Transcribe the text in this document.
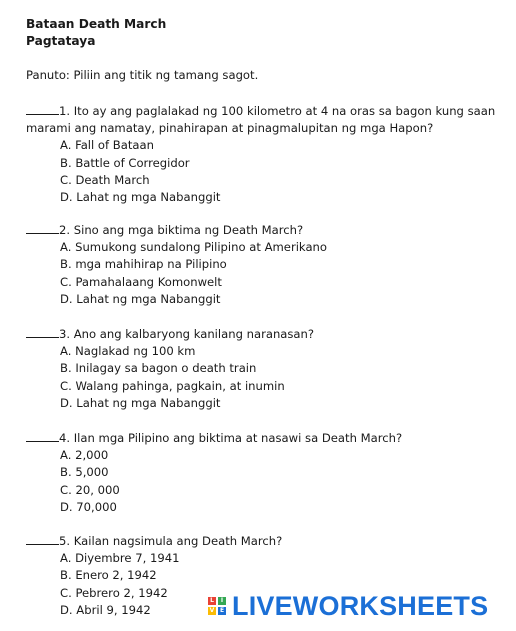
Bataan Death March
Pagtataya
Panuto: Piliin ang titik ng tamang sagot.
1. Ito ay ang paglalakad ng 100 kilometro at 4 na oras sa bagon kung saan marami ang namatay, pinahirapan at pinagmalupitan ng mga Hapon?
A. Fall of Bataan
B. Battle of Corregidor
C. Death March
D. Lahat ng mga Nabanggit
2. Sino ang mga biktima ng Death March?
A. Sumukong sundalong Pilipino at Amerikano
B. mga mahihirap na Pilipino
C. Pamahalaang Komonwelt
D. Lahat ng mga Nabanggit
3. Ano ang kalbaryong kanilang naranasan?
A. Naglakad ng 100 km
B. Inilagay sa bagon o death train
C. Walang pahinga, pagkain, at inumin
D. Lahat ng mga Nabanggit
4. Ilan mga Pilipino ang biktima at nasawi sa Death March?
A. 2,000
B. 5,000
C. 20, 000
D. 70,000
5. Kailan nagsimula ang Death March?
A. Diyembre 7, 1941
B. Enero 2, 1942
C. Pebrero 2, 1942
D. Abril 9, 1942
L	I
V E LIVEWORKSHEETS
